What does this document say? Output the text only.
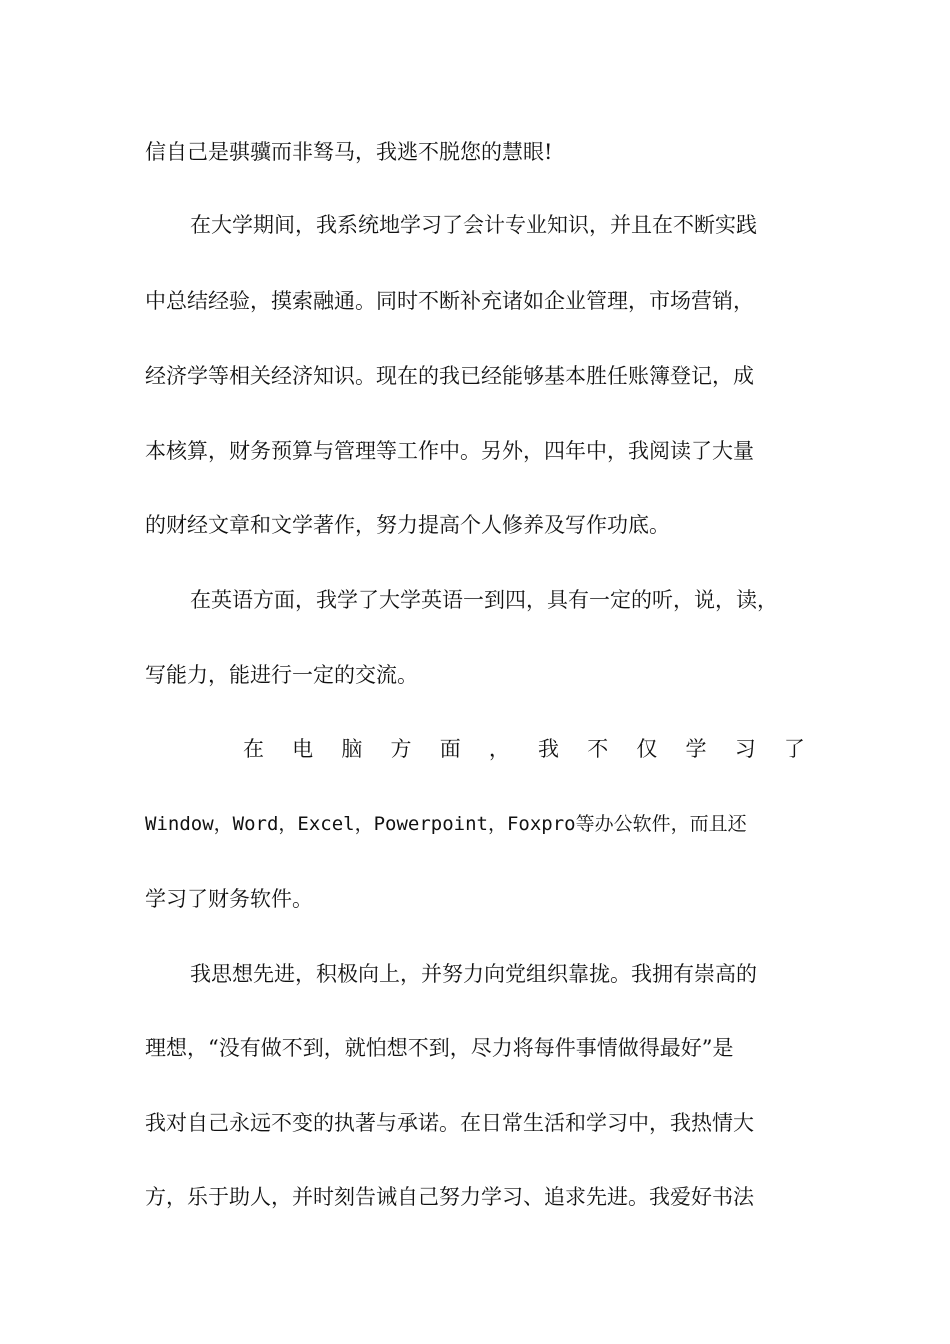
信自己是骐骥而非驽马，我逃不脱您的慧眼!
在大学期间，我系统地学习了会计专业知识，并且在不断实践
中总结经验，摸索融通。同时不断补充诸如企业管理，市场营销，
经济学等相关经济知识。现在的我已经能够基本胜任账簿登记，成
本核算，财务预算与管理等工作中。另外，四年中，我阅读了大量
的财经文章和文学著作，努力提高个人修养及写作功底。
在英语方面，我学了大学英语一到四，具有一定的听，说，读，
写能力，能进行一定的交流。
在 电 脑 方 面 ， 我 不 仅 学 习 了
Window，Word，Excel，Powerpoint，Foxpro等办公软件，而且还
学习了财务软件。
我思想先进，积极向上，并努力向党组织靠拢。我拥有崇高的
理想，“没有做不到，就怕想不到，尽力将每件事情做得最好”是
我对自己永远不变的执著与承诺。在日常生活和学习中，我热情大
方，乐于助人，并时刻告诫自己努力学习、追求先进。我爱好书法
